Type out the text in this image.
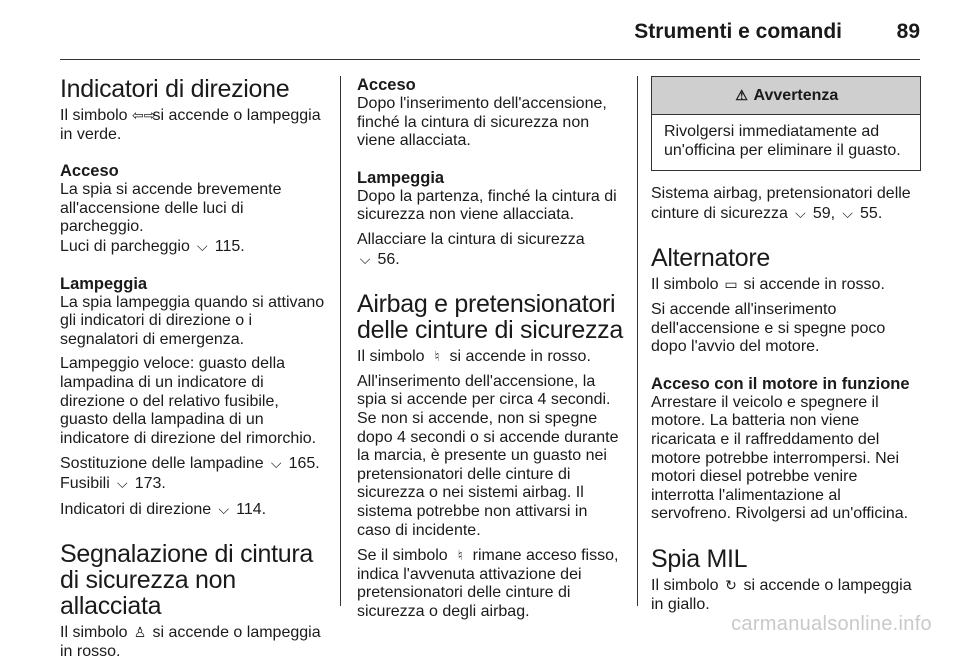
Strumenti e comandi	89
Indicatori di direzione

Il simbolo ⇦⇨ si accende o lampeggia in verde.

Acceso

La spia si accende brevemente all'accensione delle luci di parcheggio.
Luci di parcheggio ⌵ 115.

Lampeggia

La spia lampeggia quando si attivano gli indicatori di direzione o i segnalatori di emergenza.

Lampeggio veloce: guasto della lampadina di un indicatore di direzione o del relativo fusibile, guasto della lampadina di un indicatore di direzione del rimorchio.

Sostituzione delle lampadine ⌵ 165.
Fusibili ⌵ 173.

Indicatori di direzione ⌵ 114.

Segnalazione di cintura di sicurezza non allacciata

Il simbolo ♙ si accende o lampeggia in rosso.

Acceso

Dopo l'inserimento dell'accensione, finché la cintura di sicurezza non viene allacciata.

Lampeggia

Dopo la partenza, finché la cintura di sicurezza non viene allacciata.

Allacciare la cintura di sicurezza
⌵ 56.

Airbag e pretensionatori delle cinture di sicurezza

Il simbolo ♮ si accende in rosso.

All'inserimento dell'accensione, la spia si accende per circa 4 secondi. Se non si accende, non si spegne dopo 4 secondi o si accende durante la marcia, è presente un guasto nei pretensionatori delle cinture di sicurezza o nei sistemi airbag. Il sistema potrebbe non attivarsi in caso di incidente.

Se il simbolo ♮ rimane acceso fisso, indica l'avvenuta attivazione dei pretensionatori delle cinture di sicurezza o degli airbag.

⚠ Avvertenza
Rivolgersi immediatamente ad un'officina per eliminare il guasto.

Sistema airbag, pretensionatori delle cinture di sicurezza ⌵ 59, ⌵ 55.

Alternatore

Il simbolo ▭ si accende in rosso.

Si accende all'inserimento dell'accensione e si spegne poco dopo l'avvio del motore.

Acceso con il motore in funzione

Arrestare il veicolo e spegnere il motore. La batteria non viene ricaricata e il raffreddamento del motore potrebbe interrompersi. Nei motori diesel potrebbe venire interrotta l'alimentazione al servofreno. Rivolgersi ad un'officina.

Spia MIL

Il simbolo ↻ si accende o lampeggia in giallo.

carmanualsonline.info
